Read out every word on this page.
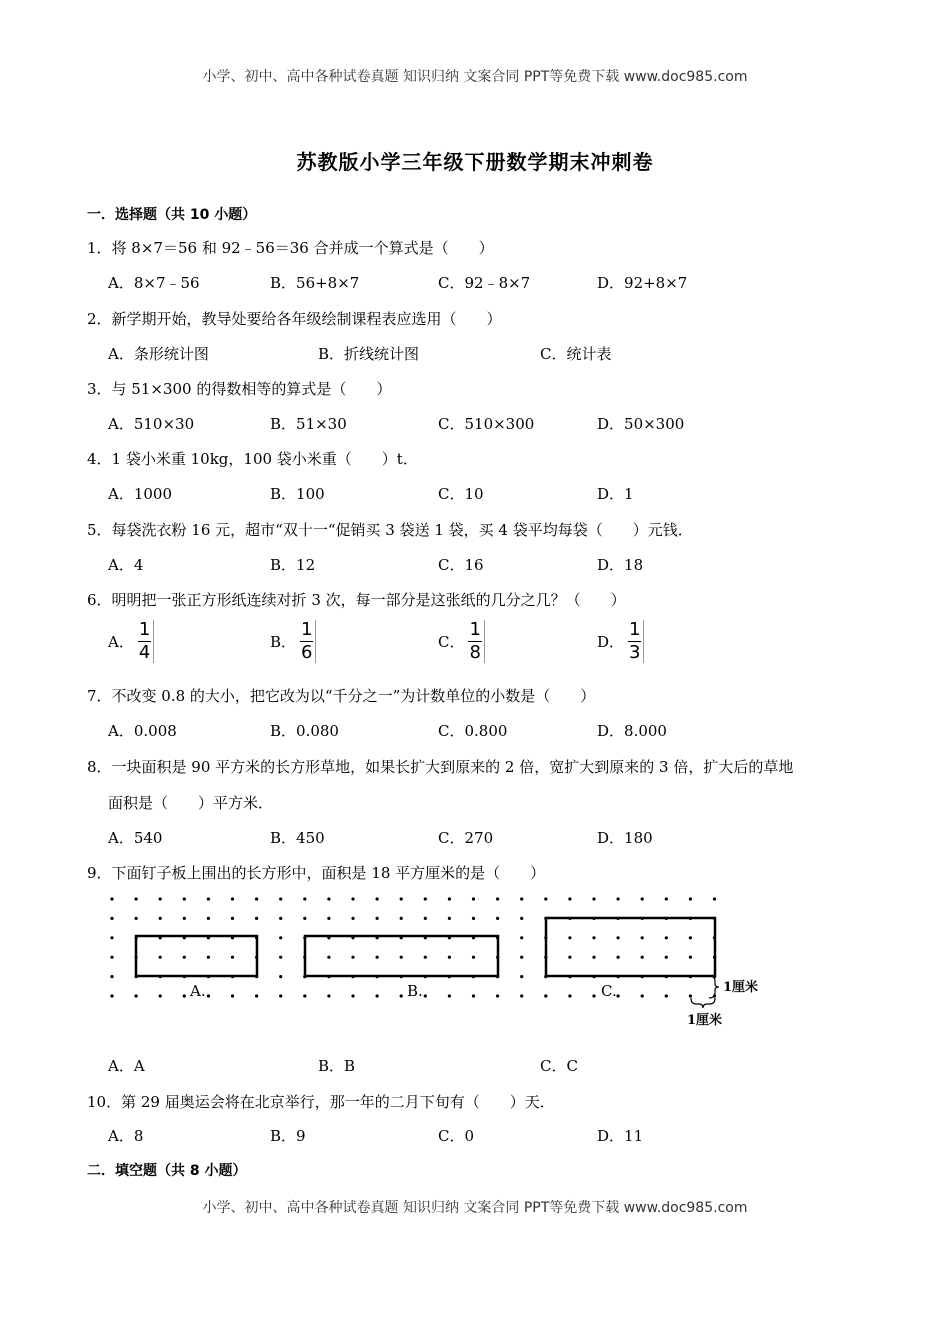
小学、初中、高中各种试卷真题 知识归纳 文案合同 PPT等免费下载 www.doc985.com
苏教版小学三年级下册数学期末冲刺卷
一．选择题（共 10 小题）
1．将 8×7＝56 和 92﹣56＝36 合并成一个算式是（　　）
A．8×7﹣56	B．56+8×7	C．92﹣8×7	D．92+8×7
2．新学期开始，教导处要给各年级绘制课程表应选用（　　）
A．条形统计图	B．折线统计图	C．统计表
3．与 51×300 的得数相等的算式是（　　）
A．510×30	B．51×30	C．510×300	D．50×300
4．1 袋小米重 10kg，100 袋小米重（　　）t．
A．1000	B．100	C．10	D．1
5．每袋洗衣粉 16 元，超市“双十一“促销买 3 袋送 1 袋，买 4 袋平均每袋（　　）元钱．
A．4	B．12	C．16	D．18
6．明明把一张正方形纸连续对折 3 次，每一部分是这张纸的几分之几？（　　）
A． $\frac{1}{4}$	B． $\frac{1}{6}$	C． $\frac{1}{8}$	D． $\frac{1}{3}$
7．不改变 0.8 的大小，把它改为以“千分之一”为计数单位的小数是（　　）
A．0.008	B．0.080	C．0.800	D．8.000
8．一块面积是 90 平方米的长方形草地，如果长扩大到原来的 2 倍，宽扩大到原来的 3 倍，扩大后的草地
面积是（　　）平方米．
A．540	B．450	C．270	D．180
9．下面钉子板上围出的长方形中，面积是 18 平方厘米的是（　　）
A.	B.	C.	1厘米
1厘米
A．A	B．B	C．C
10．第 29 届奥运会将在北京举行，那一年的二月下旬有（　　）天．
A．8	B．9	C．0	D．11
二．填空题（共 8 小题）
小学、初中、高中各种试卷真题 知识归纳 文案合同 PPT等免费下载 www.doc985.com
